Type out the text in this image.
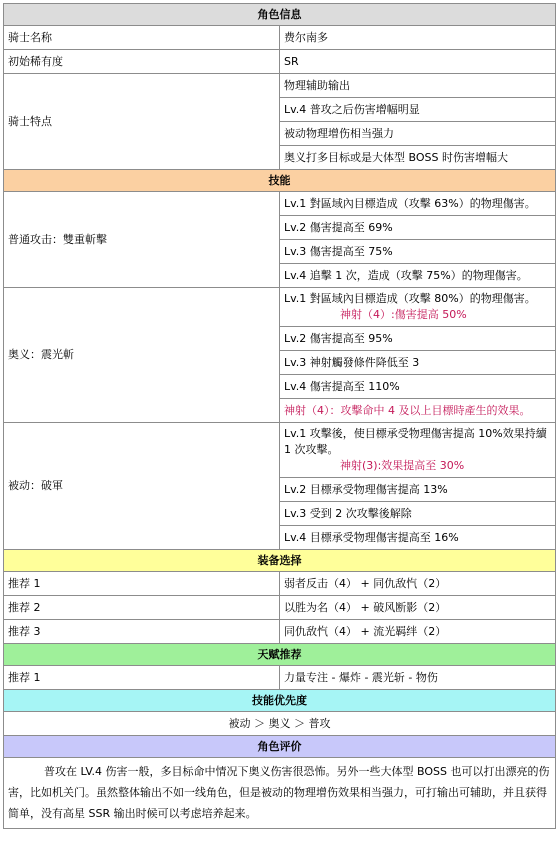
角色信息	
骑士名称	费尔南多
初始稀有度	SR
骑士特点	物理辅助输出
	Lv.4 普攻之后伤害增幅明显
	被动物理增伤相当强力
	奥义打多目标或是大体型 BOSS 时伤害增幅大
技能	
普通攻击：雙重斬擊	Lv.1 對區域內目標造成（攻擊 63%）的物理傷害。
	Lv.2 傷害提高至 69%
	Lv.3 傷害提高至 75%
	Lv.4 追擊 1 次，造成（攻擊 75%）的物理傷害。
奥义：震光斬	Lv.1 對區域內目標造成（攻擊 80%）的物理傷害。
神射（4）:傷害提高 50%

	Lv.2 傷害提高至 95%
	Lv.3 神射觸發條件降低至 3
	Lv.4 傷害提高至 110%
	神射（4）：攻擊命中 4 及以上目標時產生的效果。
被动：破軍	Lv.1 攻擊後，使目標承受物理傷害提高 10%效果持續 1 次攻擊。
神射(3):效果提高至 30%

	Lv.2 目標承受物理傷害提高 13%
	Lv.3 受到 2 次攻擊後解除
	Lv.4 目標承受物理傷害提高至 16%
装备选择	
推荐 1	弱者反击（4） + 同仇敌忾（2）
推荐 2	以胜为名（4） + 破风断影（2）
推荐 3	同仇敌忾（4） + 流光羁绊（2）
天赋推荐	
推荐 1	力量专注 - 爆炸 - 震光斩 - 物伤
技能优先度	
被动 ＞ 奥义 ＞ 普攻	
角色评价	
普攻在 LV.4 伤害一般，多目标命中情况下奥义伤害很恐怖。另外一些大体型 BOSS 也可以打出漂亮的伤害，比如机关门。虽然整体输出不如一线角色，但是被动的物理增伤效果相当强力，可打输出可辅助，并且获得简单，没有高星 SSR 输出时候可以考虑培养起来。	
